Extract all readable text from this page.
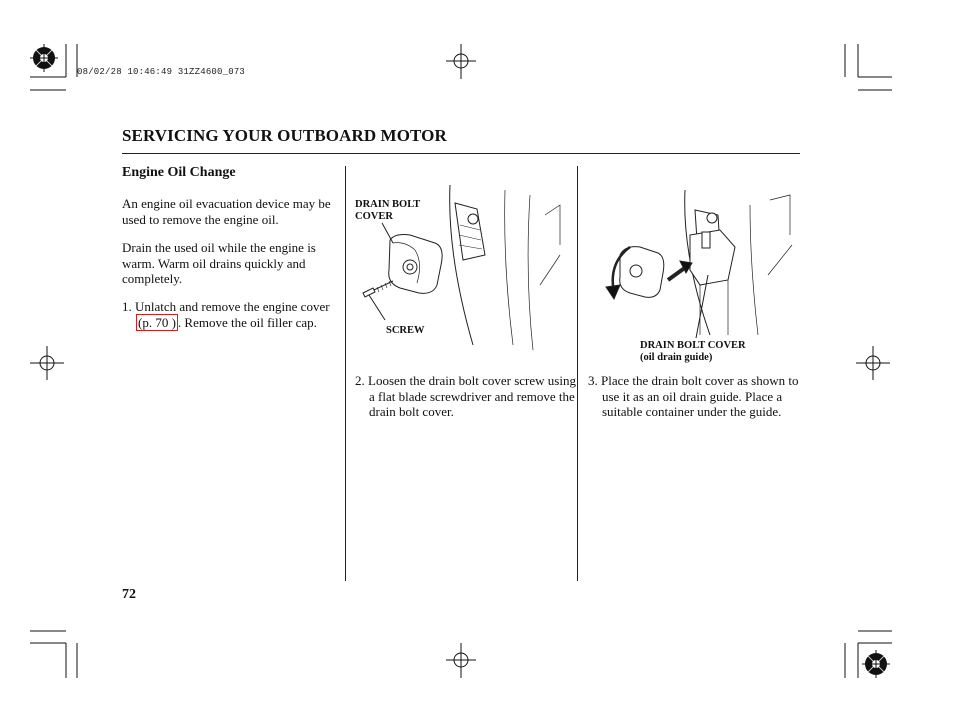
08/02/28 10:46:49 31ZZ4600_073
SERVICING YOUR OUTBOARD MOTOR
Engine Oil Change
An engine oil evacuation device may be used to remove the engine oil.
Drain the used oil while the engine is warm. Warm oil drains quickly and completely.
1. Unlatch and remove the engine cover (p. 70 ) . Remove the oil filler cap.
DRAIN BOLT COVER
SCREW
2. Loosen the drain bolt cover screw using a flat blade screwdriver and remove the drain bolt cover.
DRAIN BOLT COVER
(oil drain guide)
3. Place the drain bolt cover as shown to use it as an oil drain guide. Place a suitable container under the guide.
72
